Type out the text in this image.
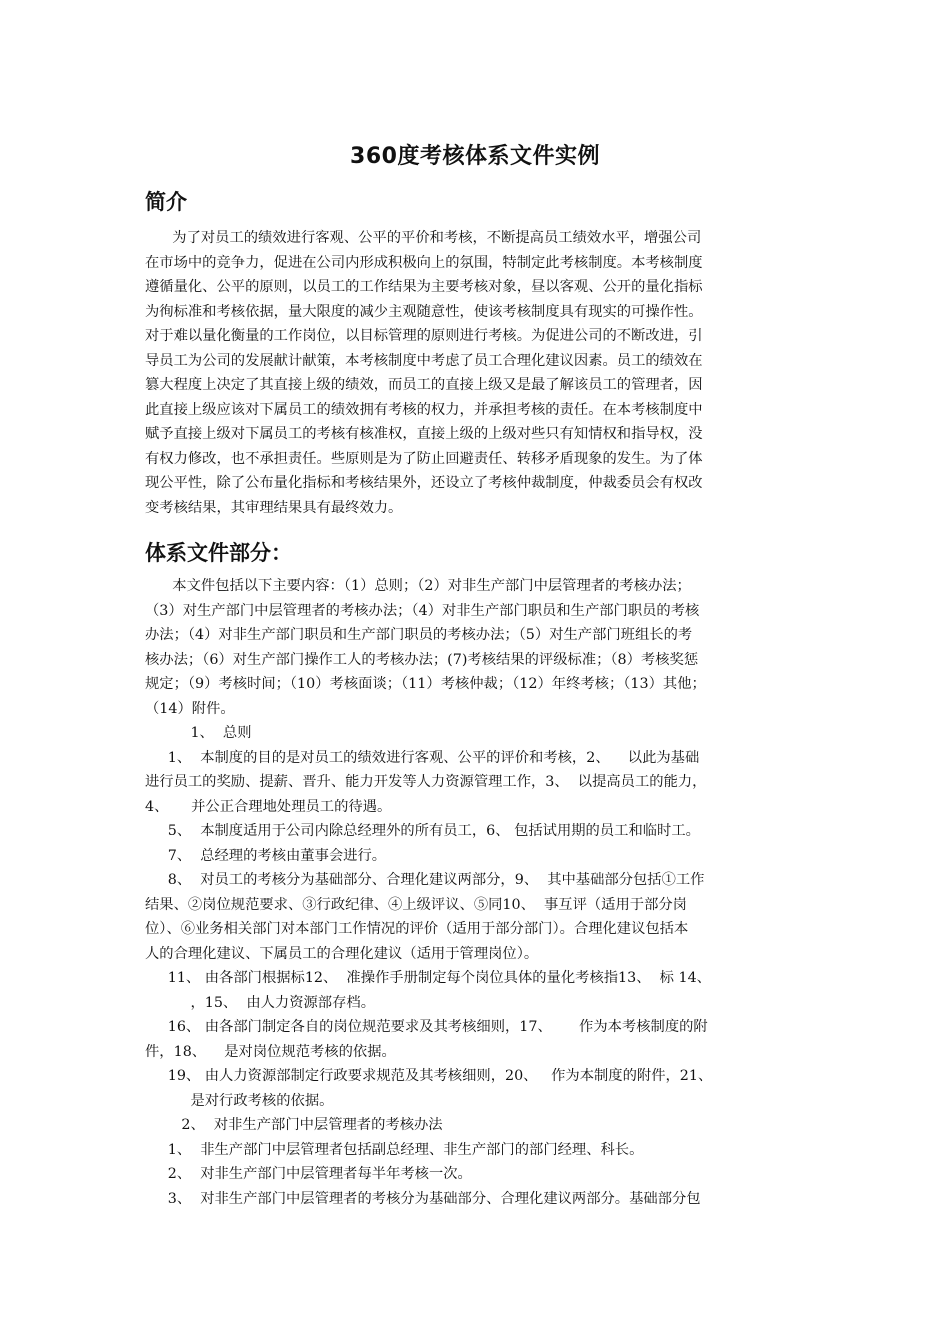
360度考核体系文件实例
简介
为了对员工的绩效进行客观、公平的平价和考核，不断提高员工绩效水平，增强公司
在市场中的竞争力，促进在公司内形成积极向上的氛围，特制定此考核制度。本考核制度
遵循量化、公平的原则，以员工的工作结果为主要考核对象，昼以客观、公开的量化指标
为徇标准和考核依据，量大限度的减少主观随意性，使该考核制度具有现实的可操作性。
对于难以量化衡量的工作岗位，以目标管理的原则进行考核。为促进公司的不断改进，引
导员工为公司的发展献计献策，本考核制度中考虑了员工合理化建议因素。员工的绩效在
篡大程度上决定了其直接上级的绩效，而员工的直接上级又是最了解该员工的管理者，因
此直接上级应该对下属员工的绩效拥有考核的权力，并承担考核的责任。在本考核制度中
赋予直接上级对下属员工的考核有核准权，直接上级的上级对些只有知情权和指导权，没
有权力修改，也不承担责任。些原则是为了防止回避责任、转移矛盾现象的发生。为了体
现公平性，除了公布量化指标和考核结果外，还设立了考核仲裁制度，仲裁委员会有权改
变考核结果，其审理结果具有最终效力。
体系文件部分：
本文件包括以下主要内容：（1）总则；（2）对非生产部门中层管理者的考核办法；
（3）对生产部门中层管理者的考核办法；（4）对非生产部门职员和生产部门职员的考核
办法；（4）对非生产部门职员和生产部门职员的考核办法；（5）对生产部门班组长的考
核办法；（6）对生产部门操作工人的考核办法；(7)考核结果的评级标准；（8）考核奖惩
规定；（9）考核时间；（10）考核面谈；（11）考核仲裁；（12）年终考核；（13）其他；
（14）附件。
1、  总则
1、  本制度的目的是对员工的绩效进行客观、公平的评价和考核，2、    以此为基础
进行员工的奖励、提薪、晋升、能力开发等人力资源管理工作，3、  以提高员工的能力，
4、     并公正合理地处理员工的待遇。
5、  本制度适用于公司内除总经理外的所有员工，6、 包括试用期的员工和临时工。
7、  总经理的考核由董事会进行。
8、  对员工的考核分为基础部分、合理化建议两部分，9、  其中基础部分包括①工作
结果、②岗位规范要求、③行政纪律、④上级评议、⑤同10、  事互评（适用于部分岗
位）、⑥业务相关部门对本部门工作情况的评价（适用于部分部门）。合理化建议包括本
人的合理化建议、下属员工的合理化建议（适用于管理岗位）。
11、 由各部门根据标12、  准操作手册制定每个岗位具体的量化考核指13、  标 14、
，15、  由人力资源部存档。
16、 由各部门制定各自的岗位规范要求及其考核细则，17、      作为本考核制度的附
件，18、    是对岗位规范考核的依据。
19、 由人力资源部制定行政要求规范及其考核细则，20、   作为本制度的附件，21、
是对行政考核的依据。
2、  对非生产部门中层管理者的考核办法
1、  非生产部门中层管理者包括副总经理、非生产部门的部门经理、科长。
2、  对非生产部门中层管理者每半年考核一次。
3、  对非生产部门中层管理者的考核分为基础部分、合理化建议两部分。基础部分包
